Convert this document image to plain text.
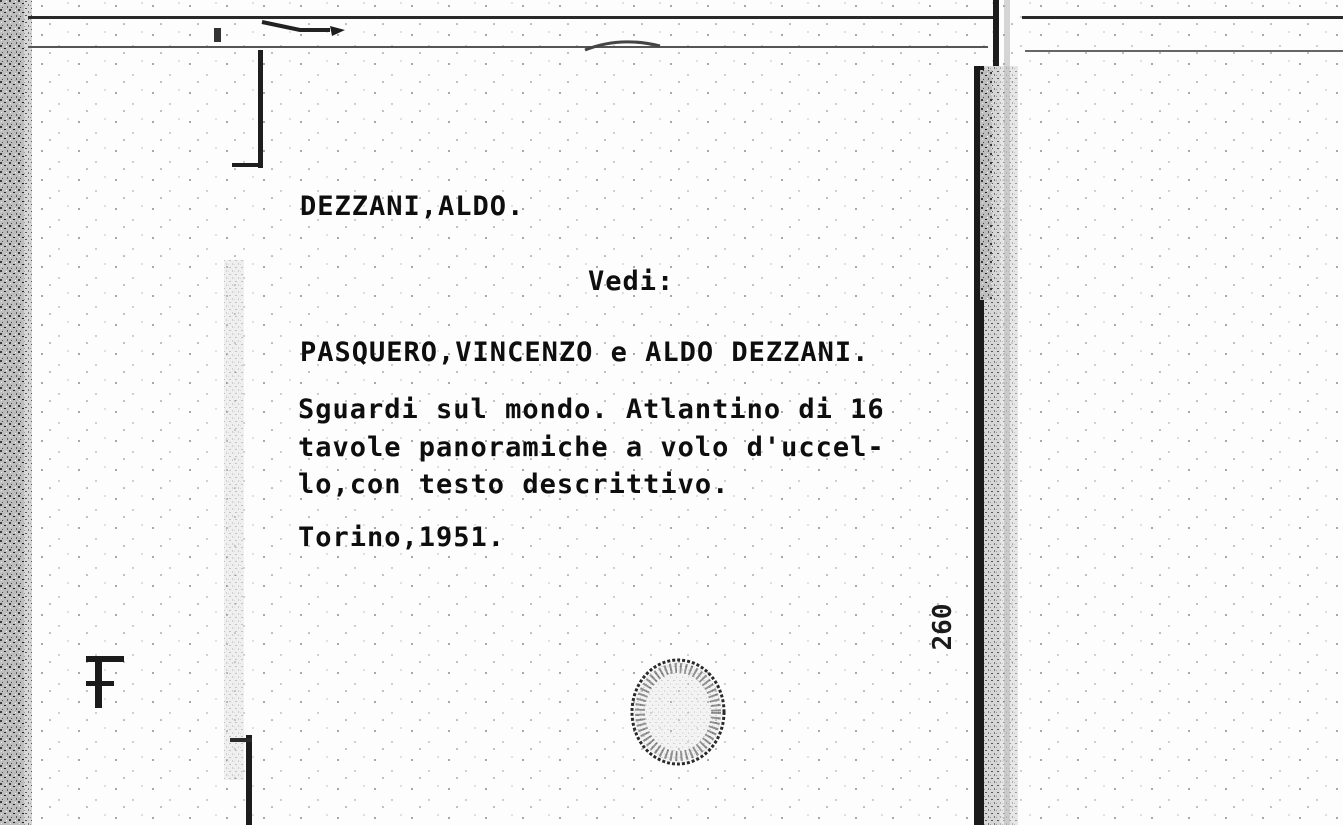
DEZZANI,ALDO.
Vedi:
PASQUERO,VINCENZO e ALDO DEZZANI.
Sguardi sul mondo. Atlantino di 16
tavole panoramiche a volo d'uccel-
lo,con testo descrittivo.
Torino,1951.
260
